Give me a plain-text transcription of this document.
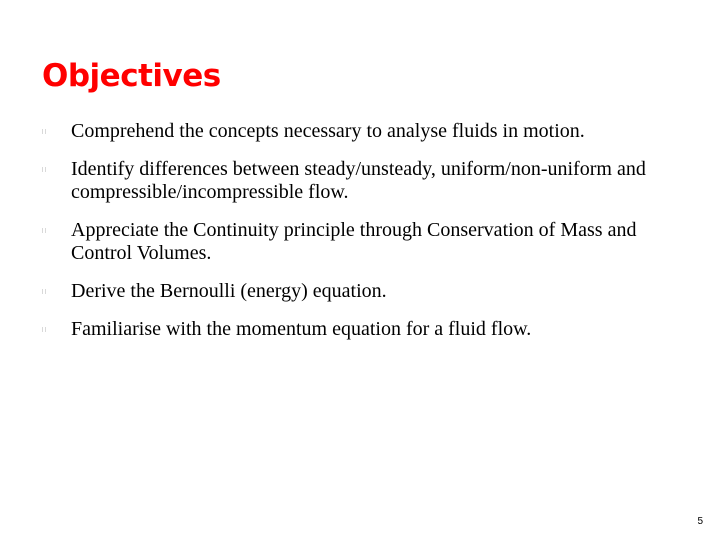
Objectives
Comprehend the concepts necessary to analyse fluids in motion.
Identify differences between steady/unsteady, uniform/non-uniform and compressible/incompressible flow.
Appreciate the Continuity principle through Conservation of Mass and Control Volumes.
Derive the Bernoulli (energy) equation.
Familiarise with the momentum equation for a fluid flow.
5
